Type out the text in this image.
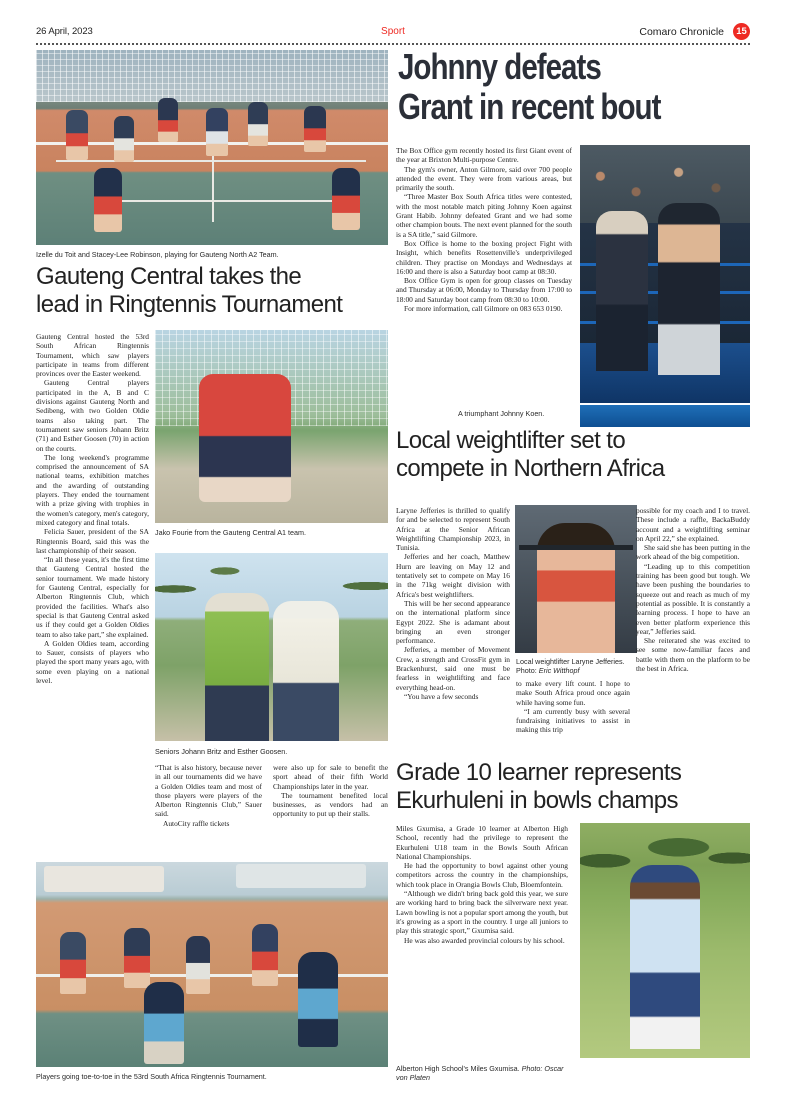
26 April, 2023	Sport	Comaro Chronicle	15
Izelle du Toit and Stacey-Lee Robinson, playing for Gauteng North A2 Team.
Gauteng Central takes the
lead in Ringtennis Tournament

Gauteng Central hosted the 53rd South African Ringtennis Tournament, which saw players participate in teams from different provinces over the Easter weekend.

Gauteng Central players participated in the A, B and C divisions against Gauteng North and Sedibeng, with two Golden Oldie teams also taking part. The tournament saw seniors Johann Britz (71) and Esther Goosen (70) in action on the courts.

The long weekend's programme comprised the announcement of SA national teams, exhibition matches and the awarding of outstanding players. They ended the tournament with a prize giving with trophies in the women's category, men's category, mixed category and final totals.

Felicia Sauer, president of the SA Ringtennis Board, said this was the last championship of their season.

“In all these years, it's the first time that Gauteng Central hosted the senior tournament. We made history for Gauteng Central, especially for Alberton Ringtennis Club, which provided the facilities. What's also special is that Gauteng Central asked us if they could get a Golden Oldies team to also take part,” she explained.

A Golden Oldies team, according to Sauer, consists of players who played the sport many years ago, with some even playing on a national level.

Jako Fourie from the Gauteng Central A1 team.
Seniors Johann Britz and Esther Goosen.

“That is also history, because never in all our tournaments did we have a Golden Oldies team and most of those players were players of the Alberton Ringtennis Club,” Sauer said.

AutoCity raffle tickets

were also up for sale to benefit the sport ahead of their fifth World Championships later in the year.

The tournament benefited local businesses, as vendors had an opportunity to put up their stalls.

Players going toe-to-toe in the 53rd South Africa Ringtennis Tournament.
Johnny defeats
Grant in recent bout

The Box Office gym recently hosted its first Giant event of the year at Brixton Multi-purpose Centre.

The gym's owner, Anton Gilmore, said over 700 people attended the event. They were from various areas, but primarily the south.

“Three Master Box South Africa titles were contested, with the most notable match piting Johnny Koen against Grant Habib. Johnny defeated Grant and we had some other champion bouts. The next event planned for the south is a SA title,” said Gilmore.

Box Office is home to the boxing project Fight with Insight, which benefits Rosettenville's underprivileged children. They practise on Mondays and Wednesdays at 16:00 and there is also a Saturday boot camp at 08:30.

Box Office Gym is open for group classes on Tuesday and Thursday at 06:00, Monday to Thursday from 17:00 to 18:00 and Saturday boot camp from 08:30 to 10:00.

For more information, call Gilmore on 083 653 0190.

A triumphant Johnny Koen.
Local weightlifter set to
compete in Northern Africa

Laryne Jefferies is thrilled to qualify for and be selected to represent South Africa at the Senior African Weightlifting Championship 2023, in Tunisia.

Jefferies and her coach, Matthew Hurn are leaving on May 12 and tentatively set to compete on May 16 in the 71kg weight division with Africa's best weightlifters.

This will be her second appearance on the international platform since Egypt 2022. She is adamant about bringing an even stronger performance.

Jefferies, a member of Movement Crew, a strength and CrossFit gym in Brackenhurst, said one must be fearless in weightlifting and face everything head-on.

“You have a few seconds

Local weightlifter Laryne Jefferies. Photo: Eric Witthopf

to make every lift count. I hope to make South Africa proud once again while having some fun.

“I am currently busy with several fundraising initiatives to assist in making this trip

possible for my coach and I to travel. These include a raffle, BackaBuddy account and a weightlifting seminar on April 22,” she explained.

She said she has been putting in the work ahead of the big competition.

“Leading up to this competition training has been good but tough. We have been pushing the boundaries to squeeze out and reach as much of my potential as possible. It is constantly a learning process. I hope to have an even better platform experience this year,” Jefferies said.

She reiterated she was excited to see some now-familiar faces and battle with them on the platform to be the best in Africa.

Grade 10 learner represents
Ekurhuleni in bowls champs

Miles Gxumisa, a Grade 10 learner at Alberton High School, recently had the privilege to represent the Ekurhuleni U18 team in the Bowls South African National Championships.

He had the opportunity to bowl against other young competitors across the country in the championships, which took place in Orangia Bowls Club, Bloemfontein.

“Although we didn't bring back gold this year, we sure are working hard to bring back the silverware next year. Lawn bowling is not a popular sport among the youth, but it's growing as a sport in the country. I urge all juniors to play this strategic sport,” Gxumisa said.

He was also awarded provincial colours by his school.

Alberton High School's Miles Gxumisa. Photo: Oscar von Platen
